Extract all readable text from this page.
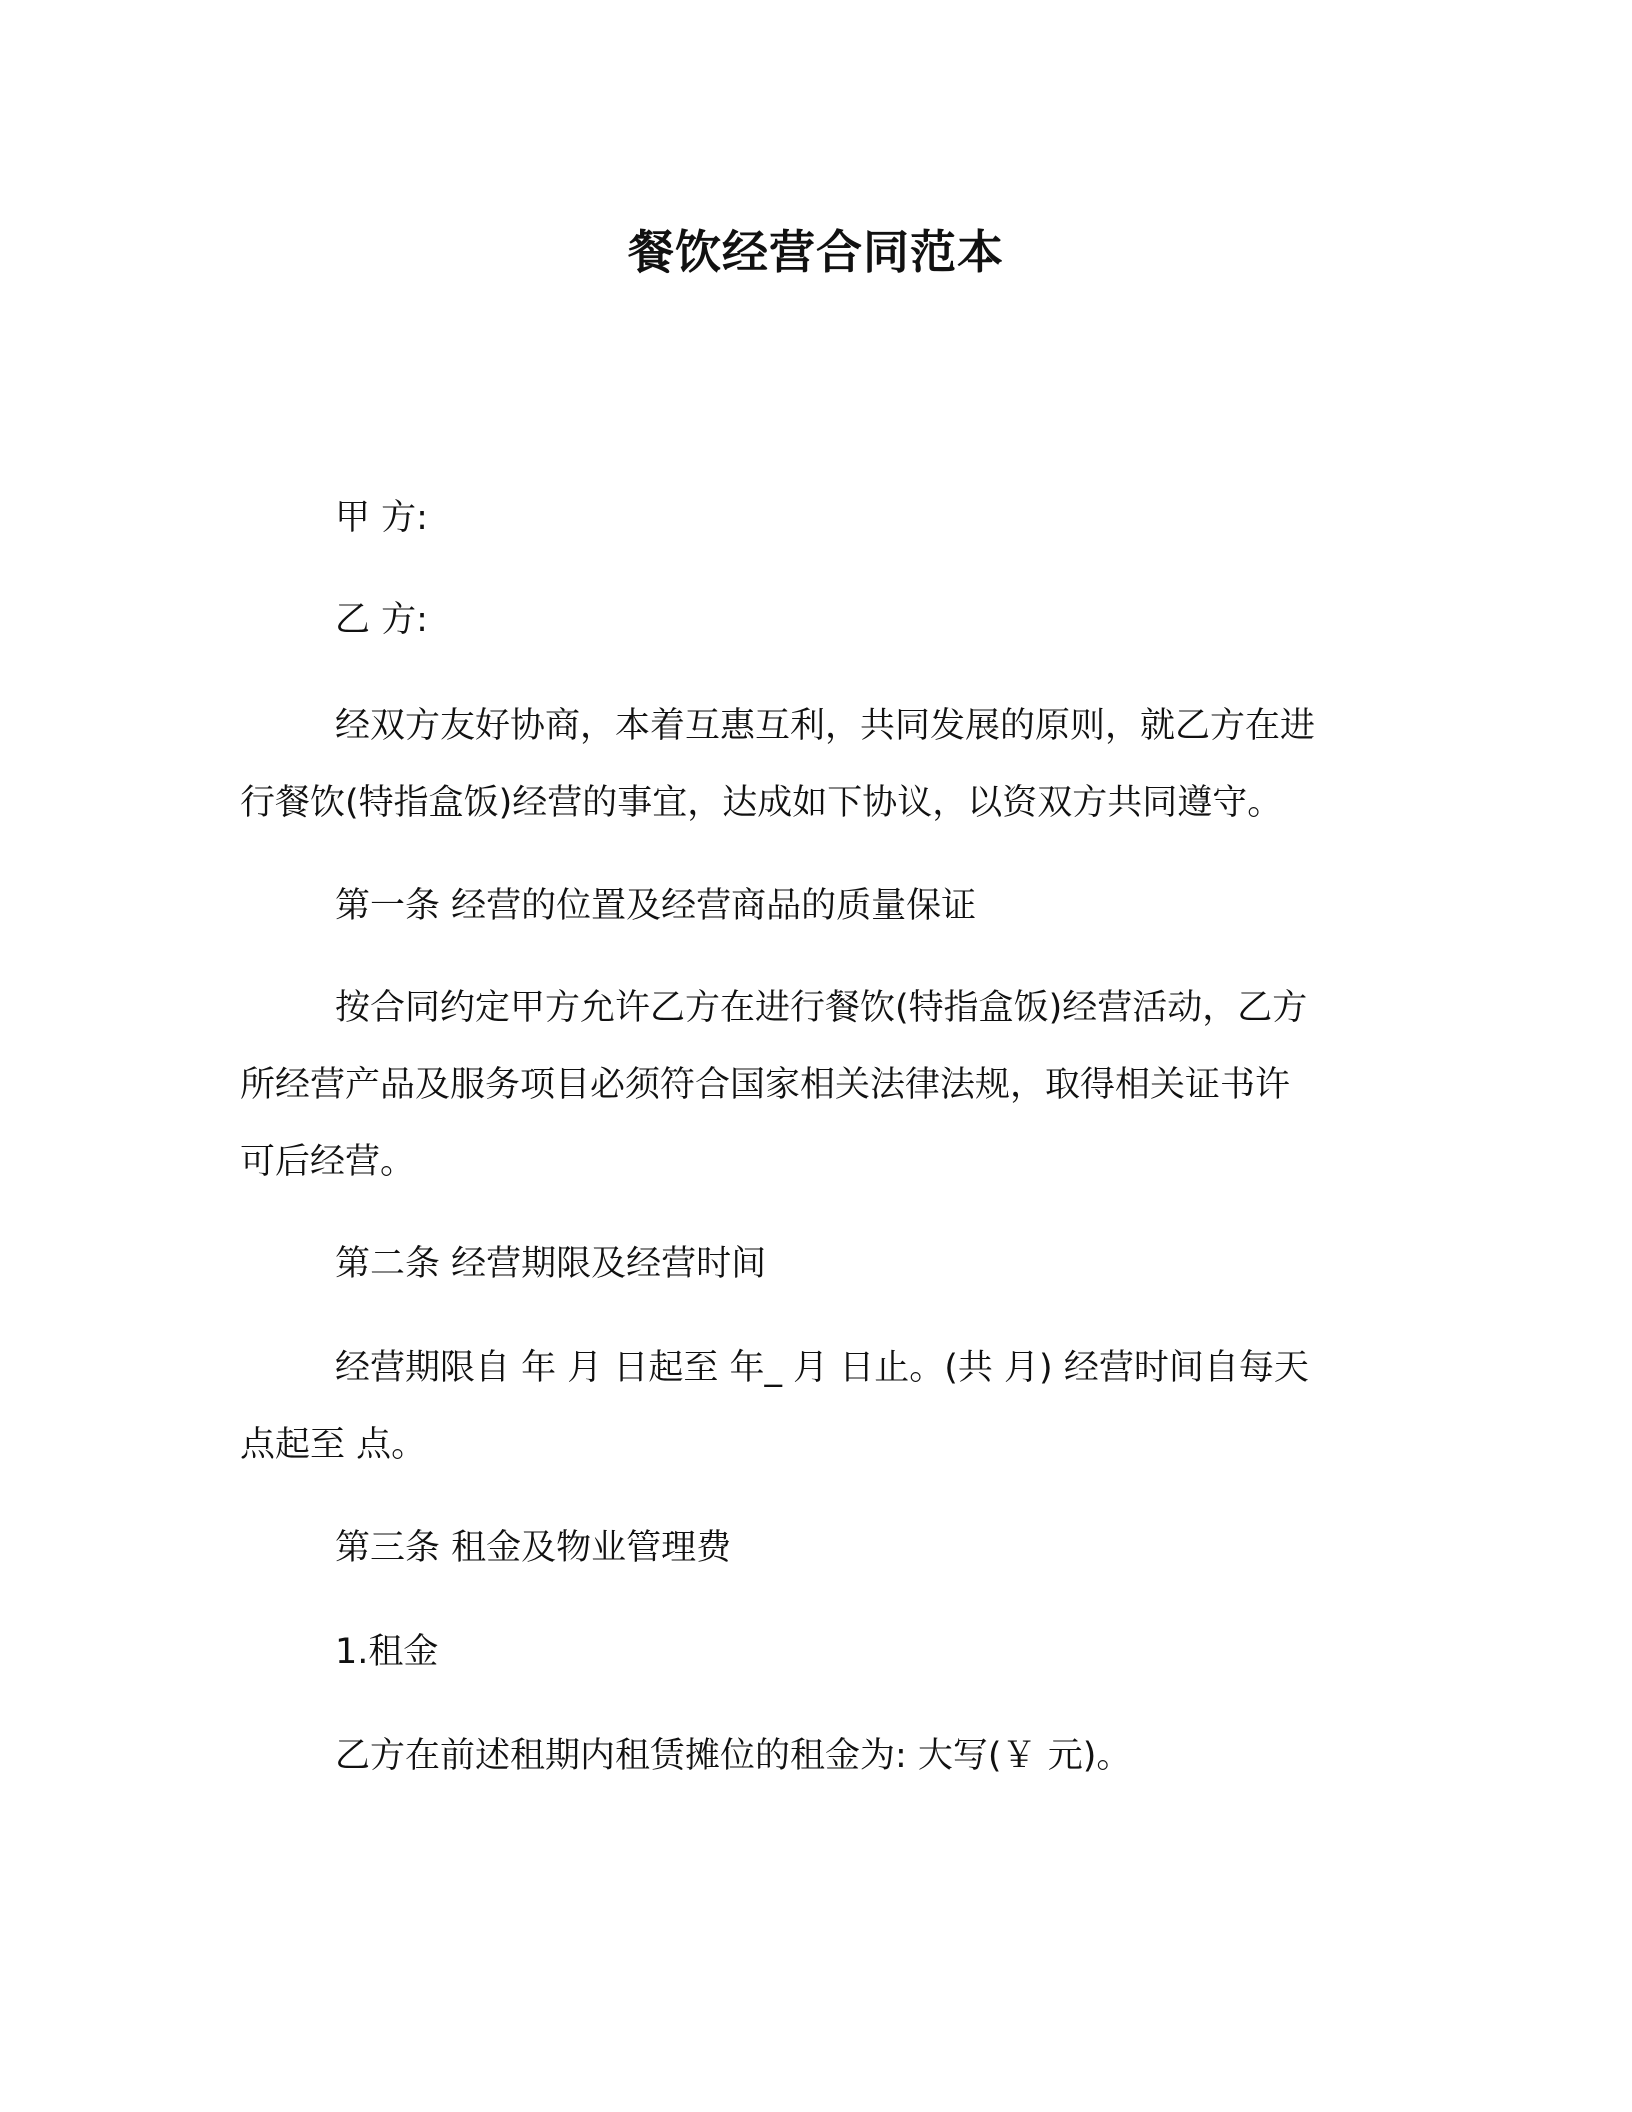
餐饮经营合同范本
甲 方:
乙 方:
经双方友好协商，本着互惠互利，共同发展的原则，就乙方在进
行餐饮(特指盒饭)经营的事宜，达成如下协议，以资双方共同遵守。
第一条 经营的位置及经营商品的质量保证
按合同约定甲方允许乙方在进行餐饮(特指盒饭)经营活动，乙方
所经营产品及服务项目必须符合国家相关法律法规，取得相关证书许
可后经营。
第二条 经营期限及经营时间
经营期限自 年 月 日起至 年_ 月 日止。(共 月) 经营时间自每天
点起至 点。
第三条 租金及物业管理费
1.租金
乙方在前述租期内租赁摊位的租金为: 大写(￥ 元)。
